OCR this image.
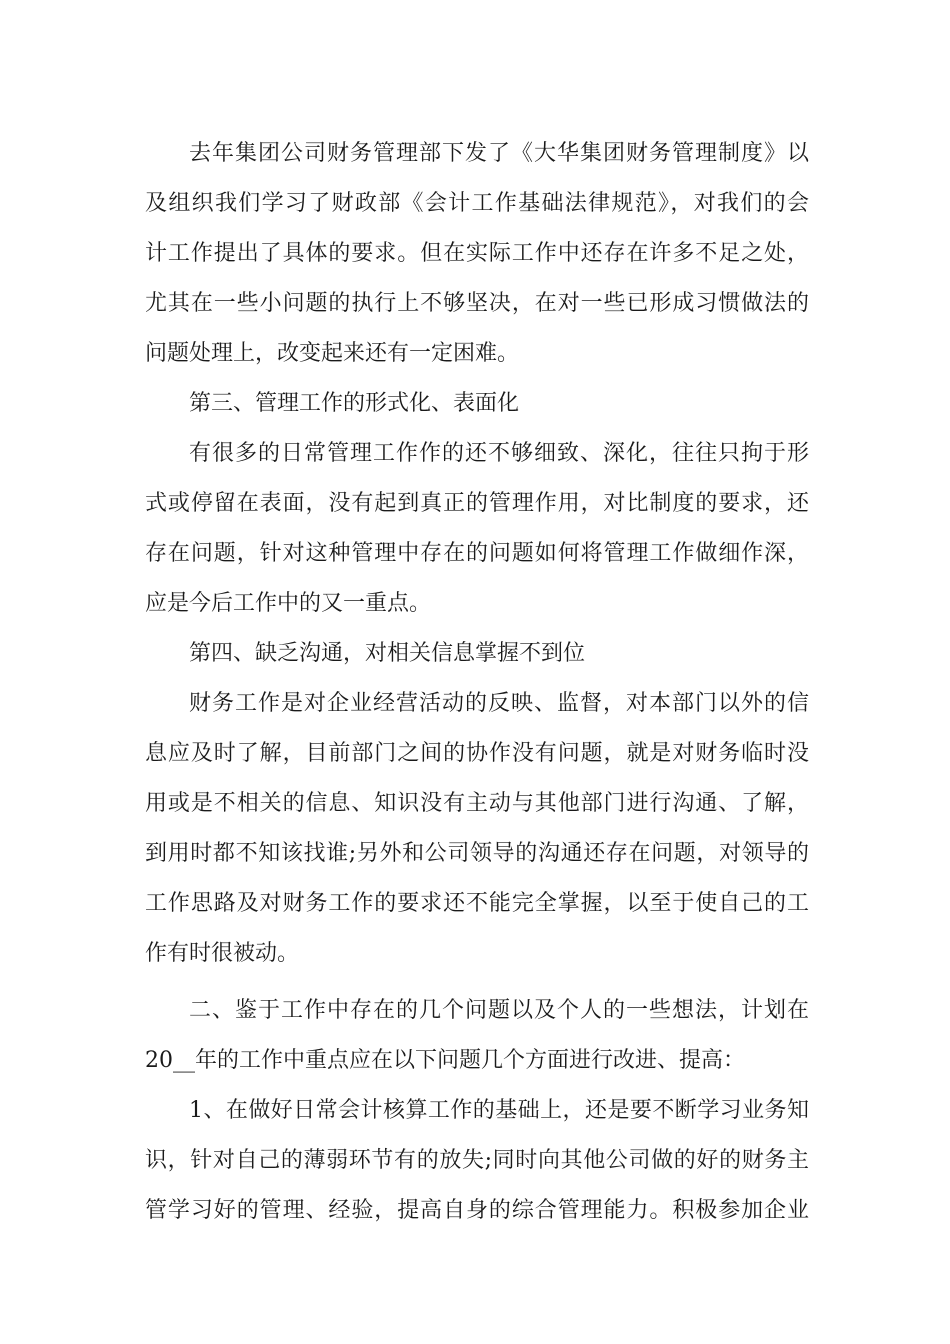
去年集团公司财务管理部下发了《大华集团财务管理制度》以
及组织我们学习了财政部《会计工作基础法律规范》，对我们的会
计工作提出了具体的要求。但在实际工作中还存在许多不足之处，
尤其在一些小问题的执行上不够坚决，在对一些已形成习惯做法的
问题处理上，改变起来还有一定困难。
第三、管理工作的形式化、表面化
有很多的日常管理工作作的还不够细致、深化，往往只拘于形
式或停留在表面，没有起到真正的管理作用，对比制度的要求，还
存在问题，针对这种管理中存在的问题如何将管理工作做细作深，
应是今后工作中的又一重点。
第四、缺乏沟通，对相关信息掌握不到位
财务工作是对企业经营活动的反映、监督，对本部门以外的信
息应及时了解，目前部门之间的协作没有问题，就是对财务临时没
用或是不相关的信息、知识没有主动与其他部门进行沟通、了解，
到用时都不知该找谁;另外和公司领导的沟通还存在问题，对领导的
工作思路及对财务工作的要求还不能完全掌握，以至于使自己的工
作有时很被动。
二、鉴于工作中存在的几个问题以及个人的一些想法，计划在
20__年的工作中重点应在以下问题几个方面进行改进、提高：
1、在做好日常会计核算工作的基础上，还是要不断学习业务知
识，针对自己的薄弱环节有的放失;同时向其他公司做的好的财务主
管学习好的管理、经验，提高自身的综合管理能力。积极参加企业
